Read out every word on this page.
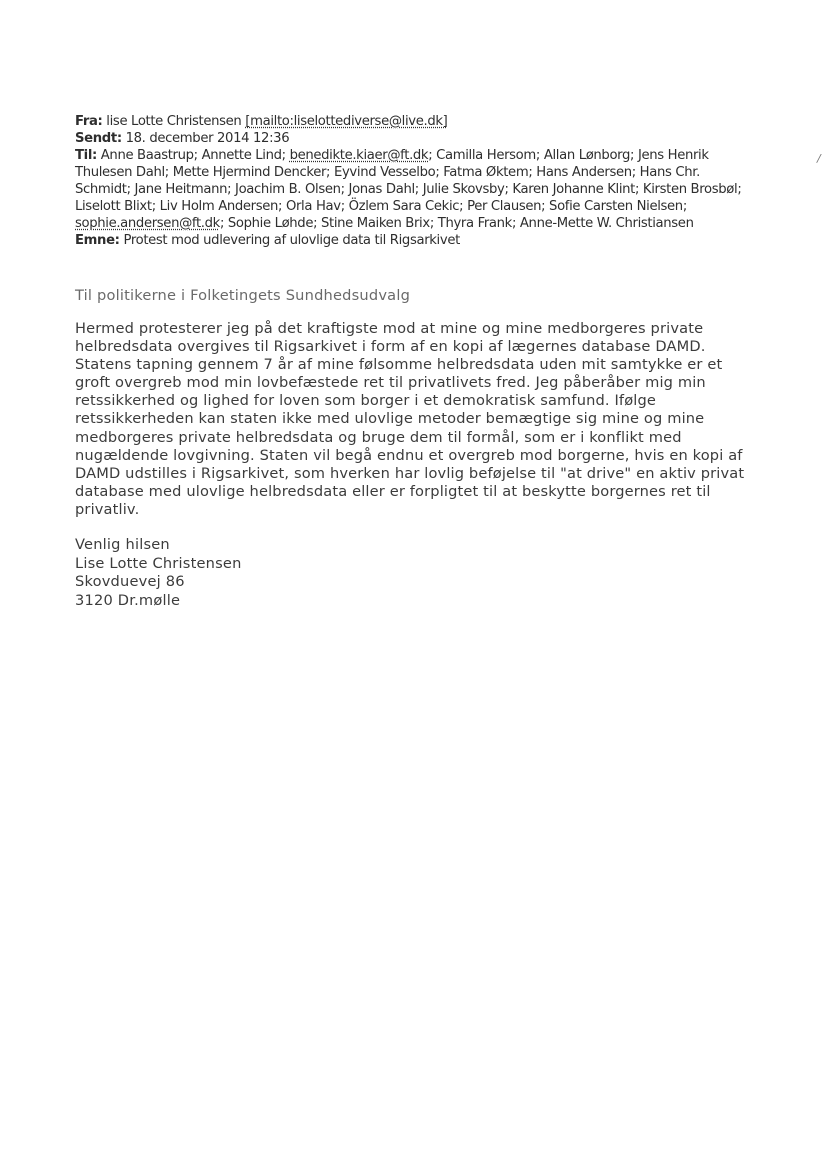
Fra: lise Lotte Christensen [mailto:liselottediverse@live.dk]

Sendt: 18. december 2014 12:36

Til: Anne Baastrup; Annette Lind; benedikte.kiaer@ft.dk; Camilla Hersom; Allan Lønborg; Jens Henrik
Thulesen Dahl; Mette Hjermind Dencker; Eyvind Vesselbo; Fatma Øktem; Hans Andersen; Hans Chr.
Schmidt; Jane Heitmann; Joachim B. Olsen; Jonas Dahl; Julie Skovsby; Karen Johanne Klint; Kirsten Brosbøl;
Liselott Blixt; Liv Holm Andersen; Orla Hav; Özlem Sara Cekic; Per Clausen; Sofie Carsten Nielsen;
sophie.andersen@ft.dk; Sophie Løhde; Stine Maiken Brix; Thyra Frank; Anne-Mette W. Christiansen

Emne: Protest mod udlevering af ulovlige data til Rigsarkivet

/

Til politikerne i Folketingets Sundhedsudvalg

Hermed protesterer jeg på det kraftigste mod at mine og mine medborgeres private
helbredsdata overgives til Rigsarkivet i form af en kopi af lægernes database DAMD.
Statens tapning gennem 7 år af mine følsomme helbredsdata uden mit samtykke er et
groft overgreb mod min lovbefæstede ret til privatlivets fred. Jeg påberåber mig min
retssikkerhed og lighed for loven som borger i et demokratisk samfund. Ifølge
retssikkerheden kan staten ikke med ulovlige metoder bemægtige sig mine og mine
medborgeres private helbredsdata og bruge dem til formål, som er i konflikt med
nugældende lovgivning. Staten vil begå endnu et overgreb mod borgerne, hvis en kopi af
DAMD udstilles i Rigsarkivet, som hverken har lovlig beføjelse til "at drive" en aktiv privat
database med ulovlige helbredsdata eller er forpligtet til at beskytte borgernes ret til
privatliv.

Venlig hilsen

Lise Lotte Christensen

Skovduevej 86

3120 Dr.mølle
